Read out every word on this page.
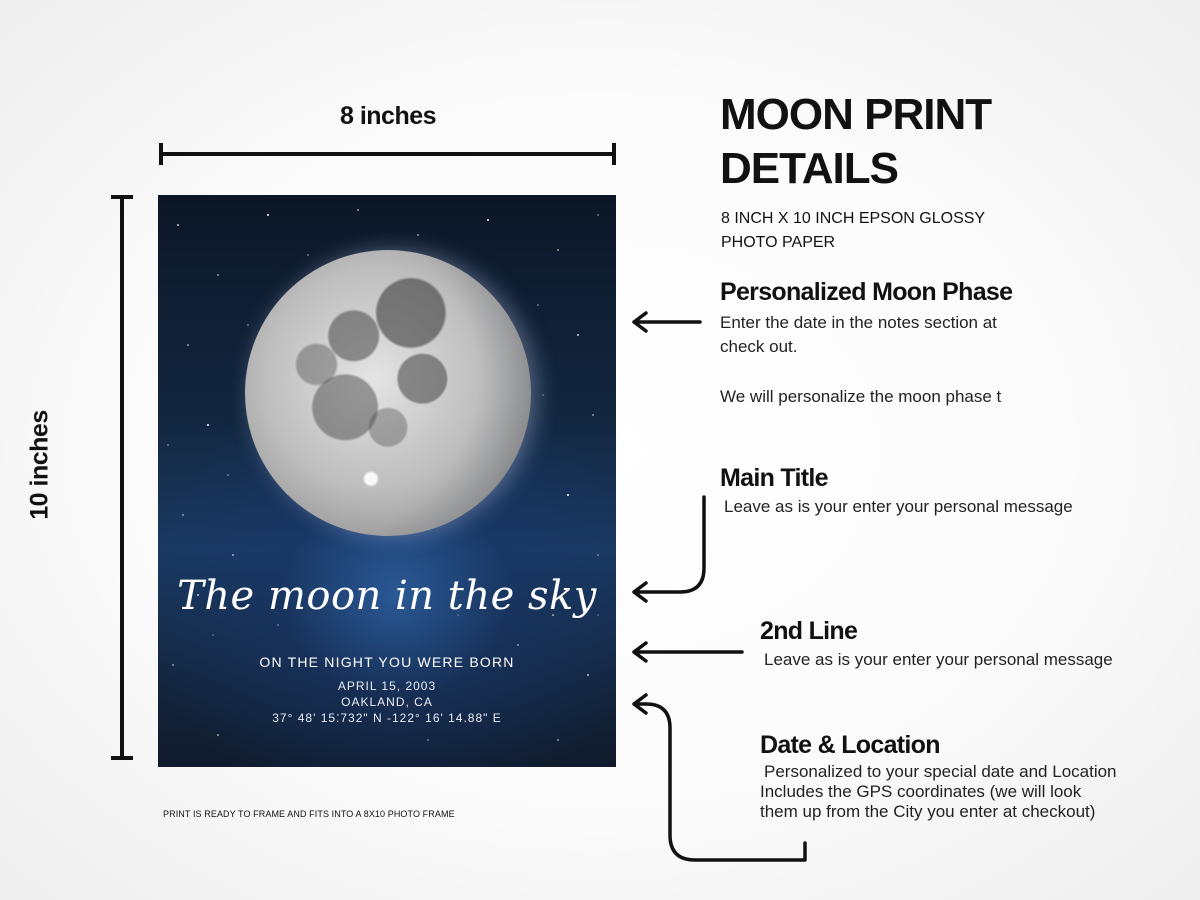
8 inches
10 inches
The moon in the sky
ON THE NIGHT YOU WERE BORN
APRIL 15, 2003
OAKLAND, CA
37° 48' 15.732" N -122° 16' 14.88" E
PRINT IS READY TO FRAME AND FITS INTO A 8X10 PHOTO FRAME
MOON PRINT
DETAILS
8 INCH X 10 INCH EPSON GLOSSY
PHOTO PAPER
Personalized Moon Phase
Enter the date in the notes section at
check out.
We will personalize the moon phase t
Main Title
Leave as is your enter your personal message
2nd Line
Leave as is your enter your personal message
Date & Location
Personalized to your special date and Location
Includes the GPS coordinates (we will look
them up from the City you enter at checkout)
